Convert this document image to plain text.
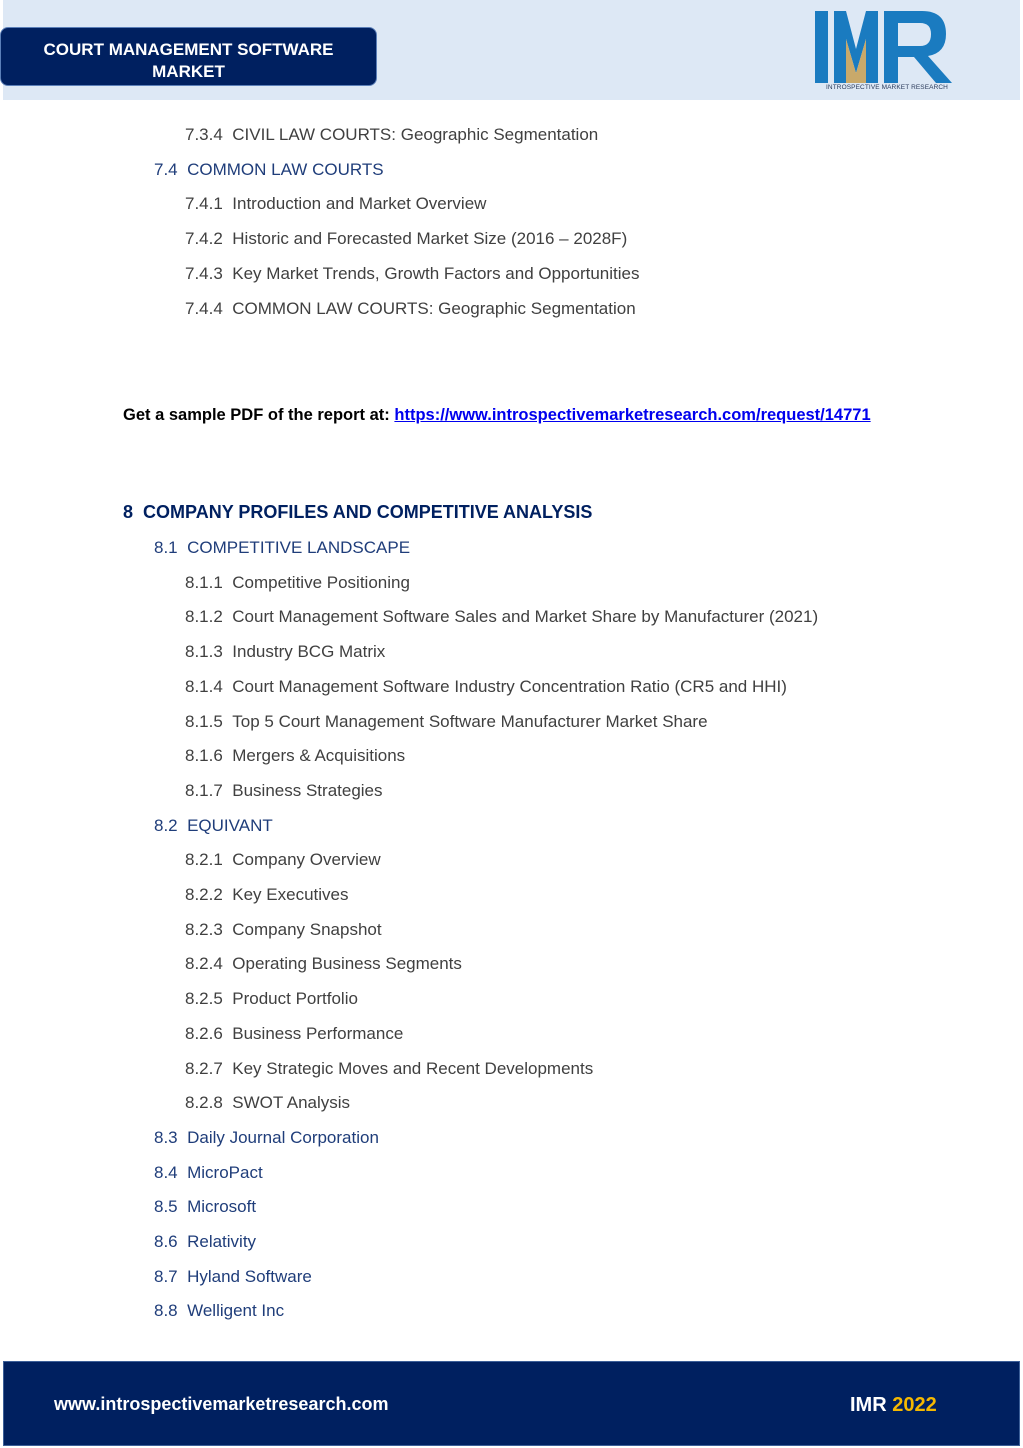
COURT MANAGEMENT SOFTWARE
MARKET
INTROSPECTIVE MARKET RESEARCH
7.3.4 CIVIL LAW COURTS: Geographic Segmentation
7.4 COMMON LAW COURTS
7.4.1 Introduction and Market Overview
7.4.2 Historic and Forecasted Market Size (2016 – 2028F)
7.4.3 Key Market Trends, Growth Factors and Opportunities
7.4.4 COMMON LAW COURTS: Geographic Segmentation
8.1 COMPETITIVE LANDSCAPE
8.1.1 Competitive Positioning
8.1.2 Court Management Software Sales and Market Share by Manufacturer (2021)
8.1.3 Industry BCG Matrix
8.1.4 Court Management Software Industry Concentration Ratio (CR5 and HHI)
8.1.5 Top 5 Court Management Software Manufacturer Market Share
8.1.6 Mergers & Acquisitions
8.1.7 Business Strategies
8.2 EQUIVANT
8.2.1 Company Overview
8.2.2 Key Executives
8.2.3 Company Snapshot
8.2.4 Operating Business Segments
8.2.5 Product Portfolio
8.2.6 Business Performance
8.2.7 Key Strategic Moves and Recent Developments
8.2.8 SWOT Analysis
8.3 Daily Journal Corporation
8.4 MicroPact
8.5 Microsoft
8.6 Relativity
8.7 Hyland Software
8.8 Welligent Inc
Get a sample PDF of the report at: https://www.introspectivemarketresearch.com/request/14771
8 COMPANY PROFILES AND COMPETITIVE ANALYSIS
www.introspectivemarketresearch.com	IMR 2022
